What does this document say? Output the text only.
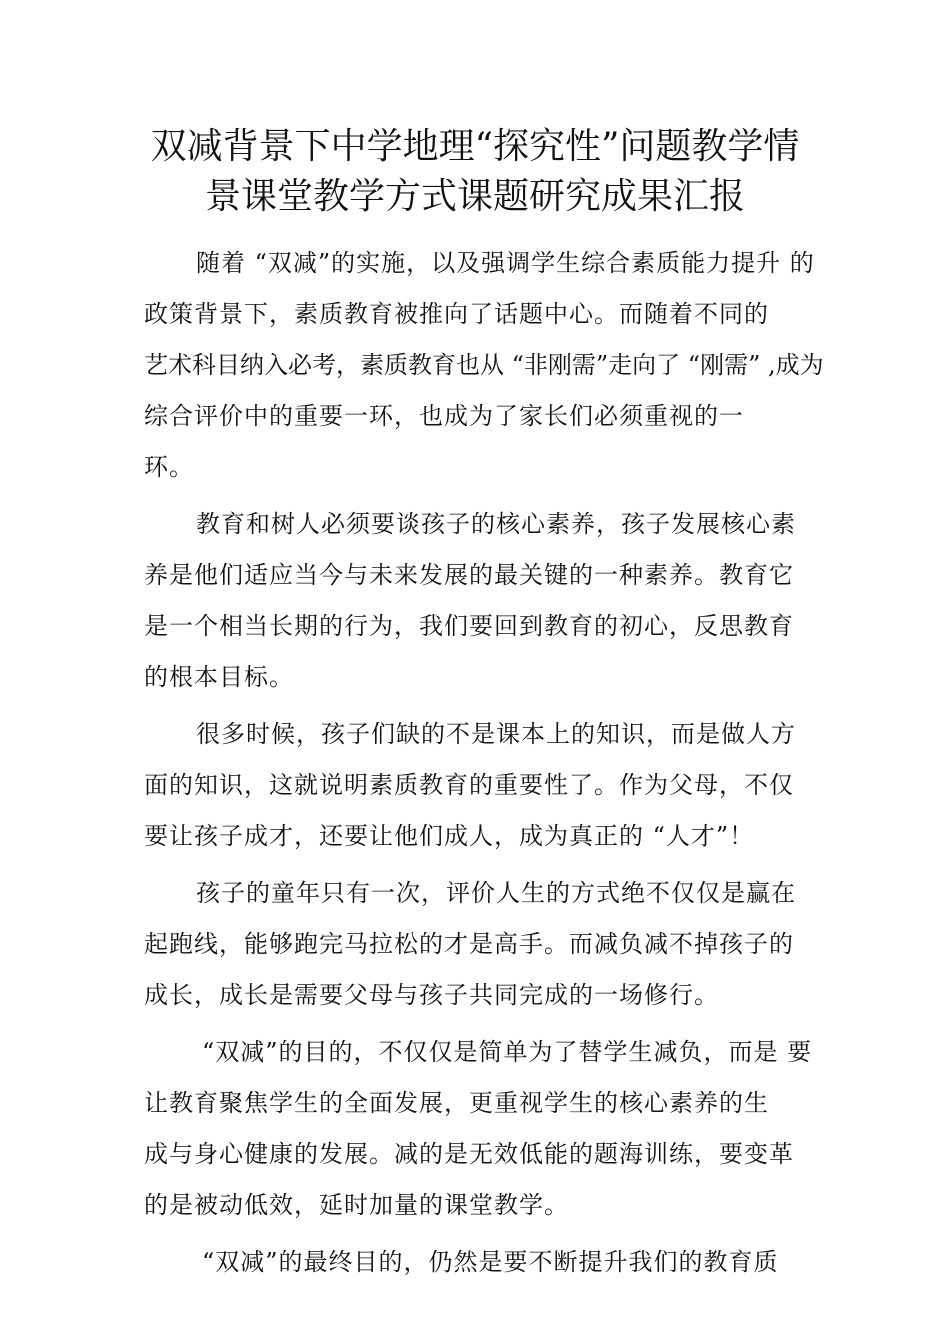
双减背景下中学地理“探究性”问题教学情
景课堂教学方式课题研究成果汇报

随着 “双减”的实施，以及强调学生综合素质能力提升 的
政策背景下，素质教育被推向了话题中心。而随着不同的
艺术科目纳入必考，素质教育也从 “非刚需”走向了 “刚需” ,成为
综合评价中的重要一环，也成为了家长们必须重视的一
环。

教育和树人必须要谈孩子的核心素养，孩子发展核心素
养是他们适应当今与未来发展的最关键的一种素养。教育它
是一个相当长期的行为，我们要回到教育的初心，反思教育
的根本目标。

很多时候，孩子们缺的不是课本上的知识，而是做人方
面的知识，这就说明素质教育的重要性了。作为父母，不仅
要让孩子成才，还要让他们成人，成为真正的 “人才”！

孩子的童年只有一次，评价人生的方式绝不仅仅是赢在
起跑线，能够跑完马拉松的才是高手。而减负减不掉孩子的
成长，成长是需要父母与孩子共同完成的一场修行。

“双减”的目的，不仅仅是简单为了替学生减负，而是 要
让教育聚焦学生的全面发展，更重视学生的核心素养的生
成与身心健康的发展。减的是无效低能的题海训练，要变革
的是被动低效，延时加量的课堂教学。

“双减”的最终目的，仍然是要不断提升我们的教育质
